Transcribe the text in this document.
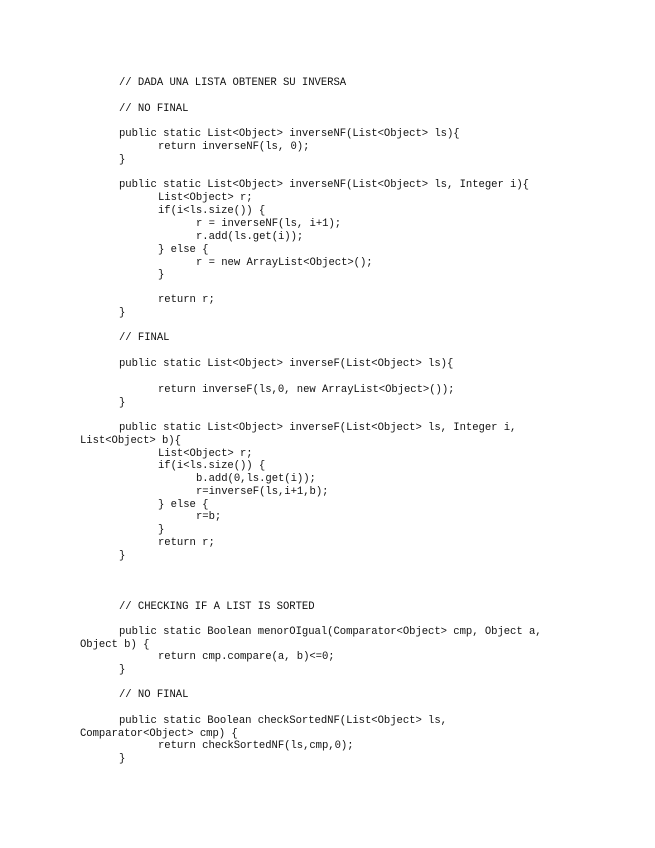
// DADA UNA LISTA OBTENER SU INVERSA
// NO FINAL
public static List<Object> inverseNF(List<Object> ls){
return inverseNF(ls, 0);
}
public static List<Object> inverseNF(List<Object> ls, Integer i){
List<Object> r;
if(i<ls.size()) {
r = inverseNF(ls, i+1);
r.add(ls.get(i));
} else {
r = new ArrayList<Object>();
}
return r;
}
// FINAL
public static List<Object> inverseF(List<Object> ls){
return inverseF(ls,0, new ArrayList<Object>());
}
public static List<Object> inverseF(List<Object> ls, Integer i,
List<Object> b){
List<Object> r;
if(i<ls.size()) {
b.add(0,ls.get(i));
r=inverseF(ls,i+1,b);
} else {
r=b;
}
return r;
}
// CHECKING IF A LIST IS SORTED
public static Boolean menorOIgual(Comparator<Object> cmp, Object a,
Object b) {
return cmp.compare(a, b)<=0;
}
// NO FINAL
public static Boolean checkSortedNF(List<Object> ls,
Comparator<Object> cmp) {
return checkSortedNF(ls,cmp,0);
}
